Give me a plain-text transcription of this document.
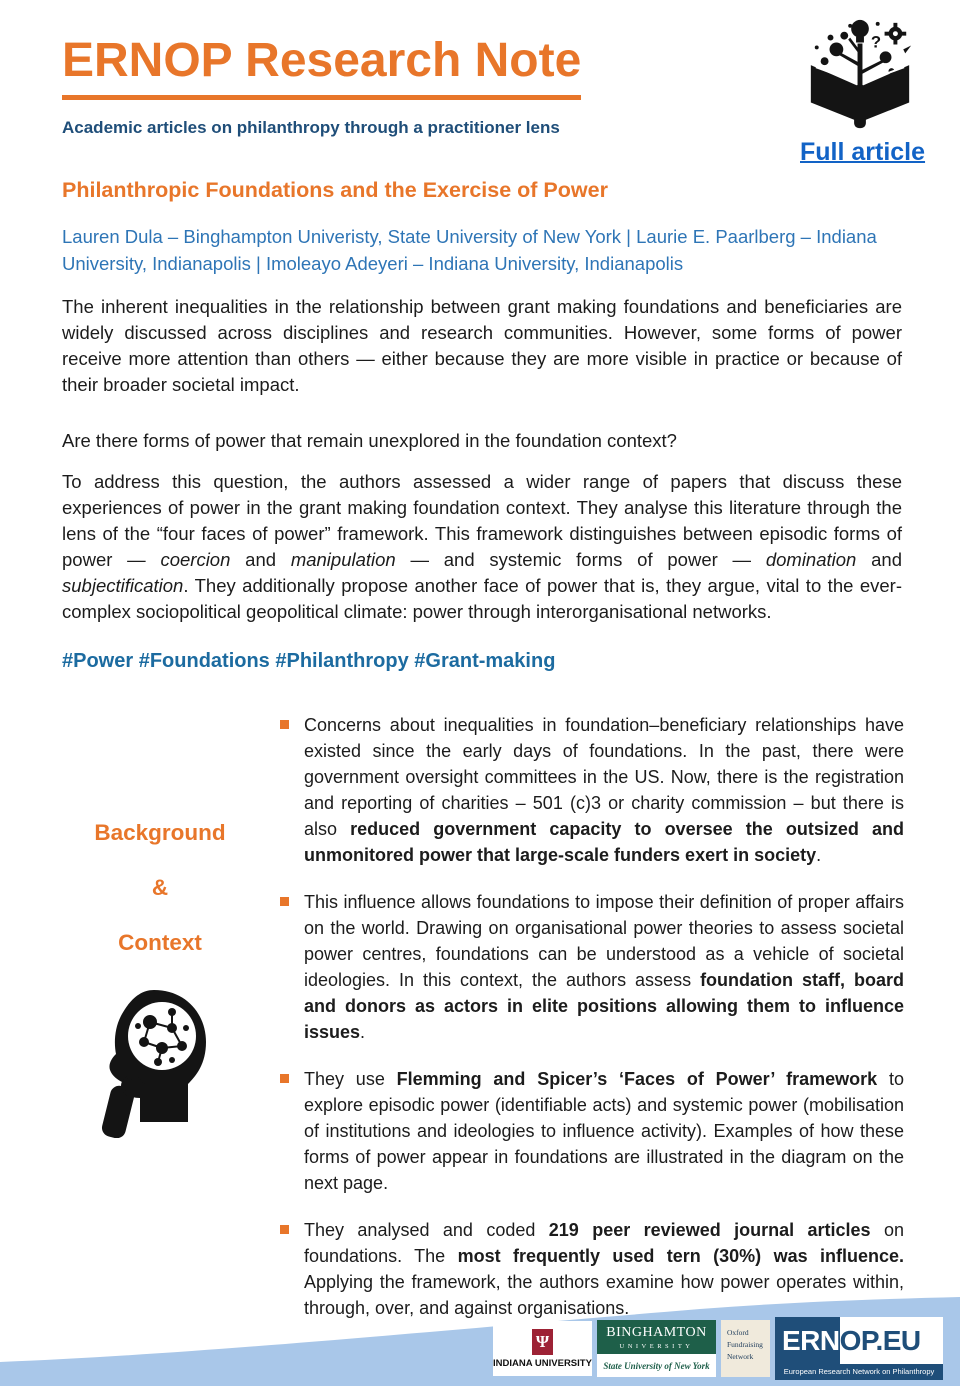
ERNOP Research Note
Academic articles on philanthropy through a practitioner lens
?
Full article
Philanthropic Foundations and the Exercise of Power

Lauren Dula – Binghampton Univeristy, State University of New York | Laurie E. Paarlberg – Indiana University, Indianapolis | Imoleayo Adeyeri – Indiana University, Indianapolis

The inherent inequalities in the relationship between grant making foundations and beneficiaries are widely discussed across disciplines and research communities. However, some forms of power receive more attention than others — either because they are more visible in practice or because of their broader societal impact.

Are there forms of power that remain unexplored in the foundation context?

To address this question, the authors assessed a wider range of papers that discuss these experiences of power in the grant making foundation context. They analyse this literature through the lens of the “four faces of power” framework. This framework distinguishes between episodic forms of power — coercion and manipulation — and systemic forms of power — domination and subjectification. They additionally propose another face of power that is, they argue, vital to the ever-complex sociopolitical geopolitical climate: power through interorganisational networks.

#Power #Foundations #Philanthropy #Grant-making

Background
&
Context
Concerns about inequalities in foundation–beneficiary relationships have existed since the early days of foundations. In the past, there were government oversight committees in the US. Now, there is the registration and reporting of charities – 501 (c)3 or charity commission – but there is also reduced government capacity to oversee the outsized and unmonitored power that large-scale funders exert in society.
This influence allows foundations to impose their definition of proper affairs on the world. Drawing on organisational power theories to assess societal power centres, foundations can be understood as a vehicle of societal ideologies. In this context, the authors assess foundation staff, board and donors as actors in elite positions allowing them to influence issues.
They use Flemming and Spicer’s ‘Faces of Power’ framework to explore episodic power (identifiable acts) and systemic power (mobilisation of institutions and ideologies to influence activity). Examples of how these forms of power appear in foundations are illustrated in the diagram on the next page.
They analysed and coded 219 peer reviewed journal articles on foundations. The most frequently used tern (30%) was influence. Applying the framework, the authors examine how power operates within, through, over, and against organisations.
Ψ
INDIANA UNIVERSITY
BINGHAMTON
UNIVERSITY
State University of New York
Oxford
Fundraising
Network
ERN OP.EU
European Research Network on Philanthropy
